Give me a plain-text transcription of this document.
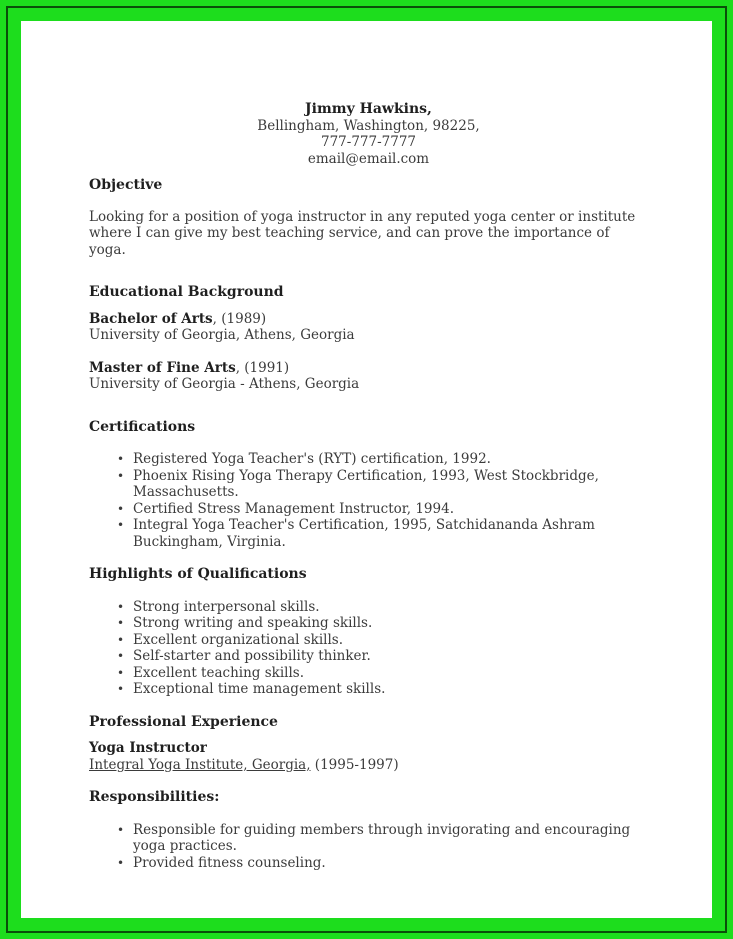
Jimmy Hawkins,
Bellingham, Washington, 98225,
777-777-7777
email@email.com
Objective

Looking for a position of yoga instructor in any reputed yoga center or institute where I can give my best teaching service, and can prove the importance of yoga.

Educational Background
Bachelor of Arts, (1989)
University of Georgia, Athens, Georgia
Master of Fine Arts, (1991)
University of Georgia - Athens, Georgia
Certifications
• Registered Yoga Teacher's (RYT) certification, 1992.
• Phoenix Rising Yoga Therapy Certification, 1993, West Stockbridge, Massachusetts.
• Certified Stress Management Instructor, 1994.
• Integral Yoga Teacher's Certification, 1995, Satchidananda Ashram Buckingham, Virginia.
Highlights of Qualifications
• Strong interpersonal skills.
• Strong writing and speaking skills.
• Excellent organizational skills.
• Self-starter and possibility thinker.
• Excellent teaching skills.
• Exceptional time management skills.
Professional Experience
Yoga Instructor
Integral Yoga Institute, Georgia, (1995-1997)
Responsibilities:
• Responsible for guiding members through invigorating and encouraging yoga practices.
• Provided fitness counseling.
